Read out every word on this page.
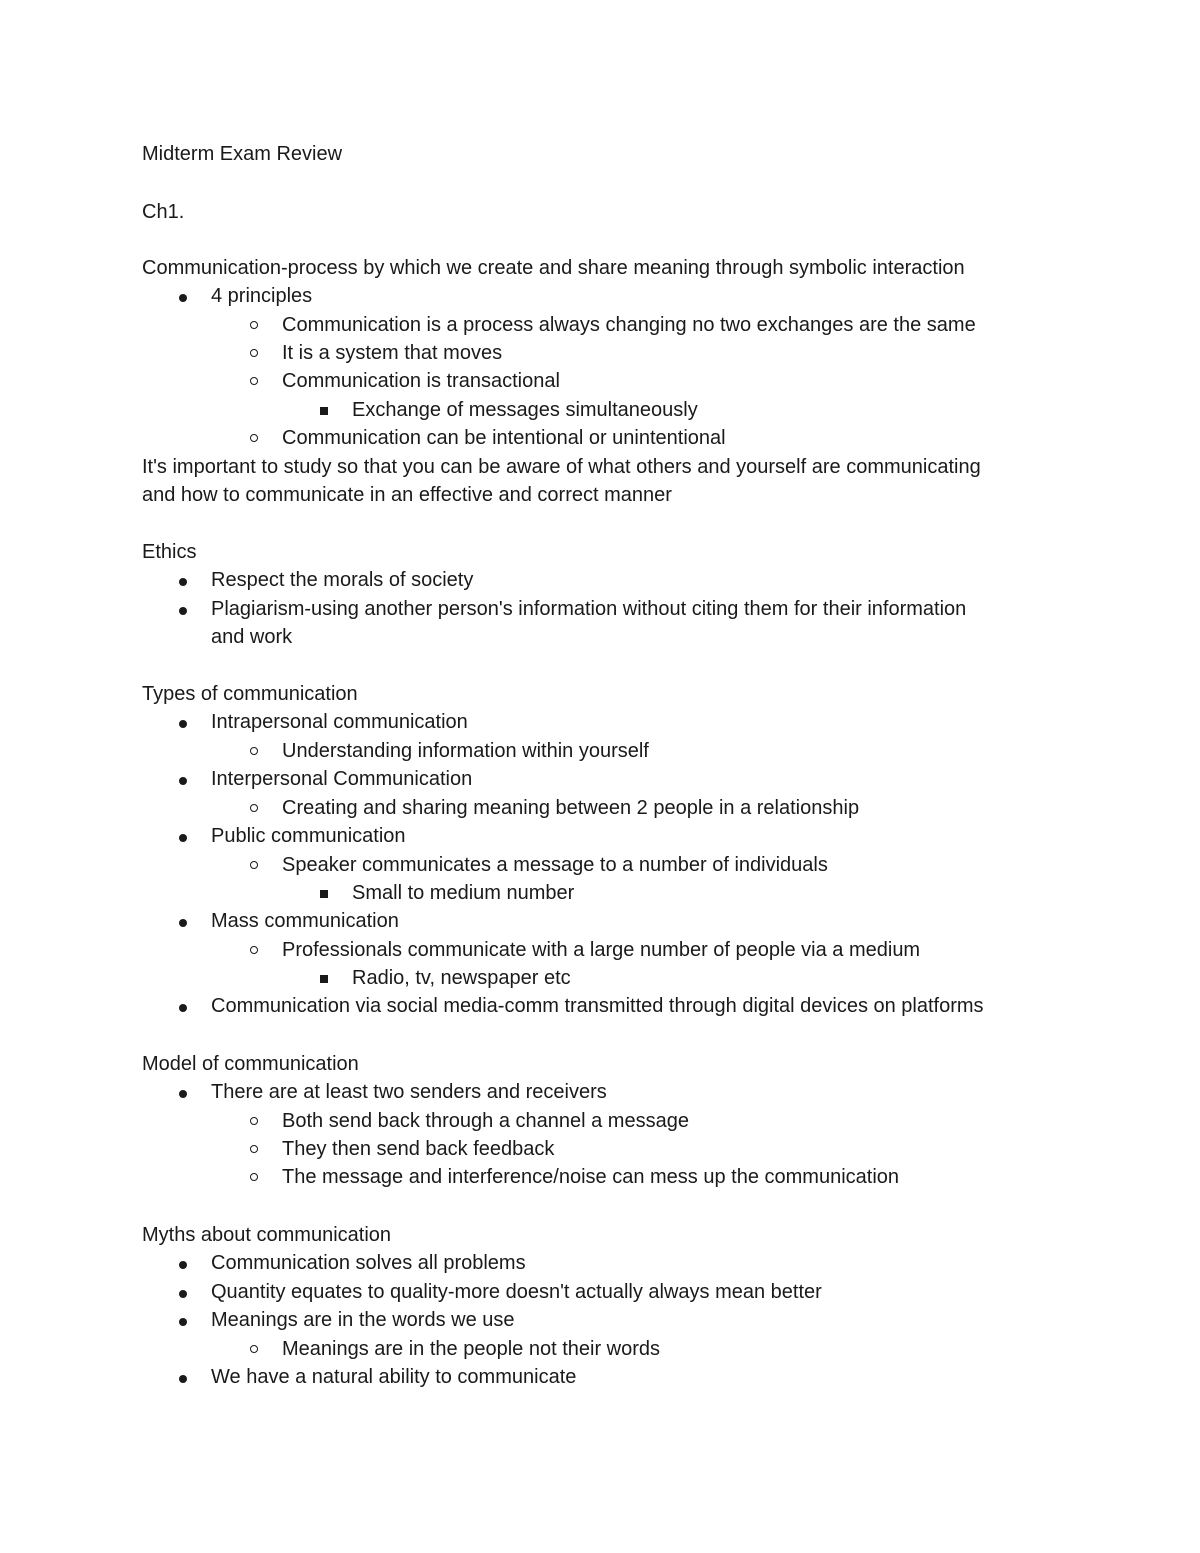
Midterm Exam Review
Ch1.
Communication-process by which we create and share meaning through symbolic interaction
4 principles
Communication is a process always changing no two exchanges are the same
It is a system that moves
Communication is transactional
Exchange of messages simultaneously
Communication can be intentional or unintentional
It's important to study so that you can be aware of what others and yourself are communicating
and how to communicate in an effective and correct manner
Ethics
Respect the morals of society
Plagiarism-using another person's information without citing them for their information
and work
Types of communication
Intrapersonal communication
Understanding information within yourself
Interpersonal Communication
Creating and sharing meaning between 2 people in a relationship
Public communication
Speaker communicates a message to a number of individuals
Small to medium number
Mass communication
Professionals communicate with a large number of people via a medium
Radio, tv, newspaper etc
Communication via social media-comm transmitted through digital devices on platforms
Model of communication
There are at least two senders and receivers
Both send back through a channel a message
They then send back feedback
The message and interference/noise can mess up the communication
Myths about communication
Communication solves all problems
Quantity equates to quality-more doesn't actually always mean better
Meanings are in the words we use
Meanings are in the people not their words
We have a natural ability to communicate
